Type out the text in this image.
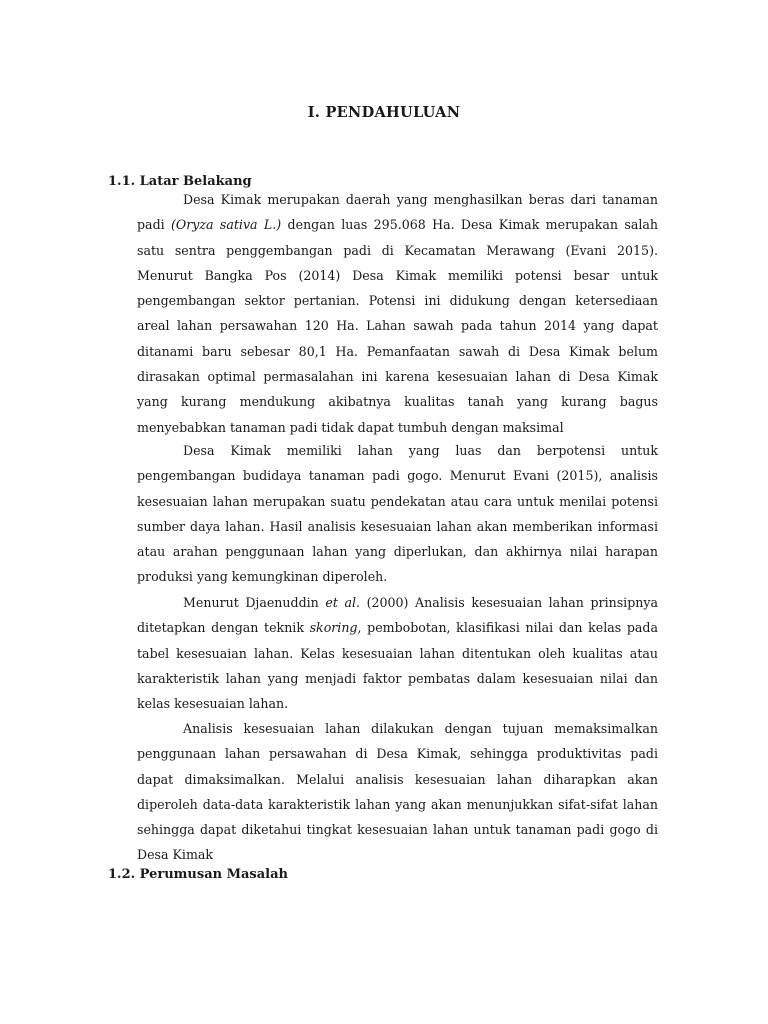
I. PENDAHULUAN
1.1. Latar Belakang

Desa Kimak merupakan daerah yang menghasilkan beras dari tanaman padi (Oryza sativa L.) dengan luas 295.068 Ha. Desa Kimak merupakan salah satu sentra penggembangan padi di Kecamatan Merawang (Evani 2015). Menurut Bangka Pos (2014) Desa Kimak memiliki potensi besar untuk pengembangan sektor pertanian. Potensi ini didukung dengan ketersediaan areal lahan persawahan 120 Ha. Lahan sawah pada tahun 2014 yang dapat ditanami baru sebesar 80,1 Ha. Pemanfaatan sawah di Desa Kimak belum dirasakan optimal permasalahan ini karena kesesuaian lahan di Desa Kimak yang kurang mendukung akibatnya kualitas tanah yang kurang bagus menyebabkan tanaman padi tidak dapat tumbuh dengan maksimal

Desa Kimak memiliki lahan yang luas dan berpotensi untuk pengembangan budidaya tanaman padi gogo. Menurut Evani (2015), analisis kesesuaian lahan merupakan suatu pendekatan atau cara untuk menilai potensi sumber daya lahan. Hasil analisis kesesuaian lahan akan memberikan informasi atau arahan penggunaan lahan yang diperlukan, dan akhirnya nilai harapan produksi yang kemungkinan diperoleh.

Menurut Djaenuddin et al. (2000) Analisis kesesuaian lahan prinsipnya ditetapkan dengan teknik skoring, pembobotan, klasifikasi nilai dan kelas pada tabel kesesuaian lahan. Kelas kesesuaian lahan ditentukan oleh kualitas atau karakteristik lahan yang menjadi faktor pembatas dalam kesesuaian nilai dan kelas kesesuaian lahan.

Analisis kesesuaian lahan dilakukan dengan tujuan memaksimalkan penggunaan lahan persawahan di Desa Kimak, sehingga produktivitas padi dapat dimaksimalkan. Melalui analisis kesesuaian lahan diharapkan akan diperoleh data-data karakteristik lahan yang akan menunjukkan sifat-sifat lahan sehingga dapat diketahui tingkat kesesuaian lahan untuk tanaman padi gogo di Desa Kimak

1.2. Perumusan Masalah
